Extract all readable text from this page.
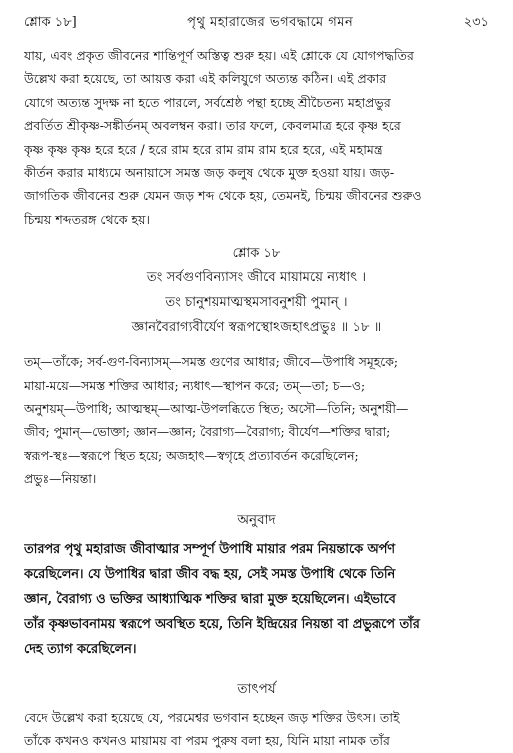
শ্লোক ১৮]	পৃথু মহারাজের ভগবদ্ধামে গমন	২৩১

যায়, এবং প্রকৃত জীবনের শান্তিপূর্ণ অস্তিত্ব শুরু হয়। এই শ্লোকে যে যোগপদ্ধতির
উল্লেখ করা হয়েছে, তা আয়ত্ত করা এই কলিযুগে অত্যন্ত কঠিন। এই প্রকার
যোগে অত্যন্ত সুদক্ষ না হতে পারলে, সর্বশ্রেষ্ঠ পন্থা হচ্ছে শ্রীচৈতন্য মহাপ্রভুর
প্রবর্তিত শ্রীকৃষ্ণ-সঙ্কীর্তনম্‌ অবলম্বন করা। তার ফলে, কেবলমাত্র হরে কৃষ্ণ হরে
কৃষ্ণ কৃষ্ণ কৃষ্ণ হরে হরে / হরে রাম হরে রাম রাম রাম হরে হরে, এই মহামন্ত্র
কীর্তন করার মাধ্যমে অনায়াসে সমস্ত জড় কলুষ থেকে মুক্ত হওয়া যায়। জড়-
জাগতিক জীবনের শুরু যেমন জড় শব্দ থেকে হয়, তেমনই, চিন্ময় জীবনের শুরুও
চিন্ময় শব্দতরঙ্গ থেকে হয়।

শ্লোক ১৮
তং সর্বগুণবিন্যাসং জীবে মায়াময়ে ন্যধাৎ ।
তং চানুশয়মাত্মস্থমসাবনুশয়ী পুমান্ ।
জ্ঞানবৈরাগ্যবীর্যেণ স্বরূপস্থোঽজহাৎপ্রভুঃ ॥ ১৮ ॥
তম্—তাঁকে; সর্ব-গুণ-বিন্যাসম্—সমস্ত গুণের আধার; জীবে—উপাধি সমূহকে;
মায়া-ময়ে—সমস্ত শক্তির আধার; ন্যধাৎ—স্থাপন করে; তম্—তা; চ—ও;
অনুশয়ম্—উপাধি; আত্মস্থম্—আত্ম-উপলব্ধিতে স্থিত; অসৌ—তিনি; অনুশয়ী—
জীব; পুমান্—ভোক্তা; জ্ঞান—জ্ঞান; বৈরাগ্য—বৈরাগ্য; বীর্যেণ—শক্তির দ্বারা;
স্বরূপ-স্থঃ—স্বরূপে স্থিত হয়ে; অজহাৎ—স্বগৃহে প্রত্যাবর্তন করেছিলেন;
প্রভুঃ—নিয়ন্তা।
অনুবাদ
তারপর পৃথু মহারাজ জীবাত্মার সম্পূর্ণ উপাধি মায়ার পরম নিয়ন্তাকে অর্পণ
করেছিলেন। যে উপাধির দ্বারা জীব বদ্ধ হয়, সেই সমস্ত উপাধি থেকে তিনি
জ্ঞান, বৈরাগ্য ও ভক্তির আধ্যাত্মিক শক্তির দ্বারা মুক্ত হয়েছিলেন। এইভাবে
তাঁর কৃষ্ণভাবনাময় স্বরূপে অবস্থিত হয়ে, তিনি ইন্দ্রিয়ের নিয়ন্তা বা প্রভুরূপে তাঁর
দেহ ত্যাগ করেছিলেন।
তাৎপর্য
বেদে উল্লেখ করা হয়েছে যে, পরমেশ্বর ভগবান হচ্ছেন জড় শক্তির উৎস। তাই
তাঁকে কখনও কখনও মায়াময় বা পরম পুরুষ বলা হয়, যিনি মায়া নামক তাঁর
